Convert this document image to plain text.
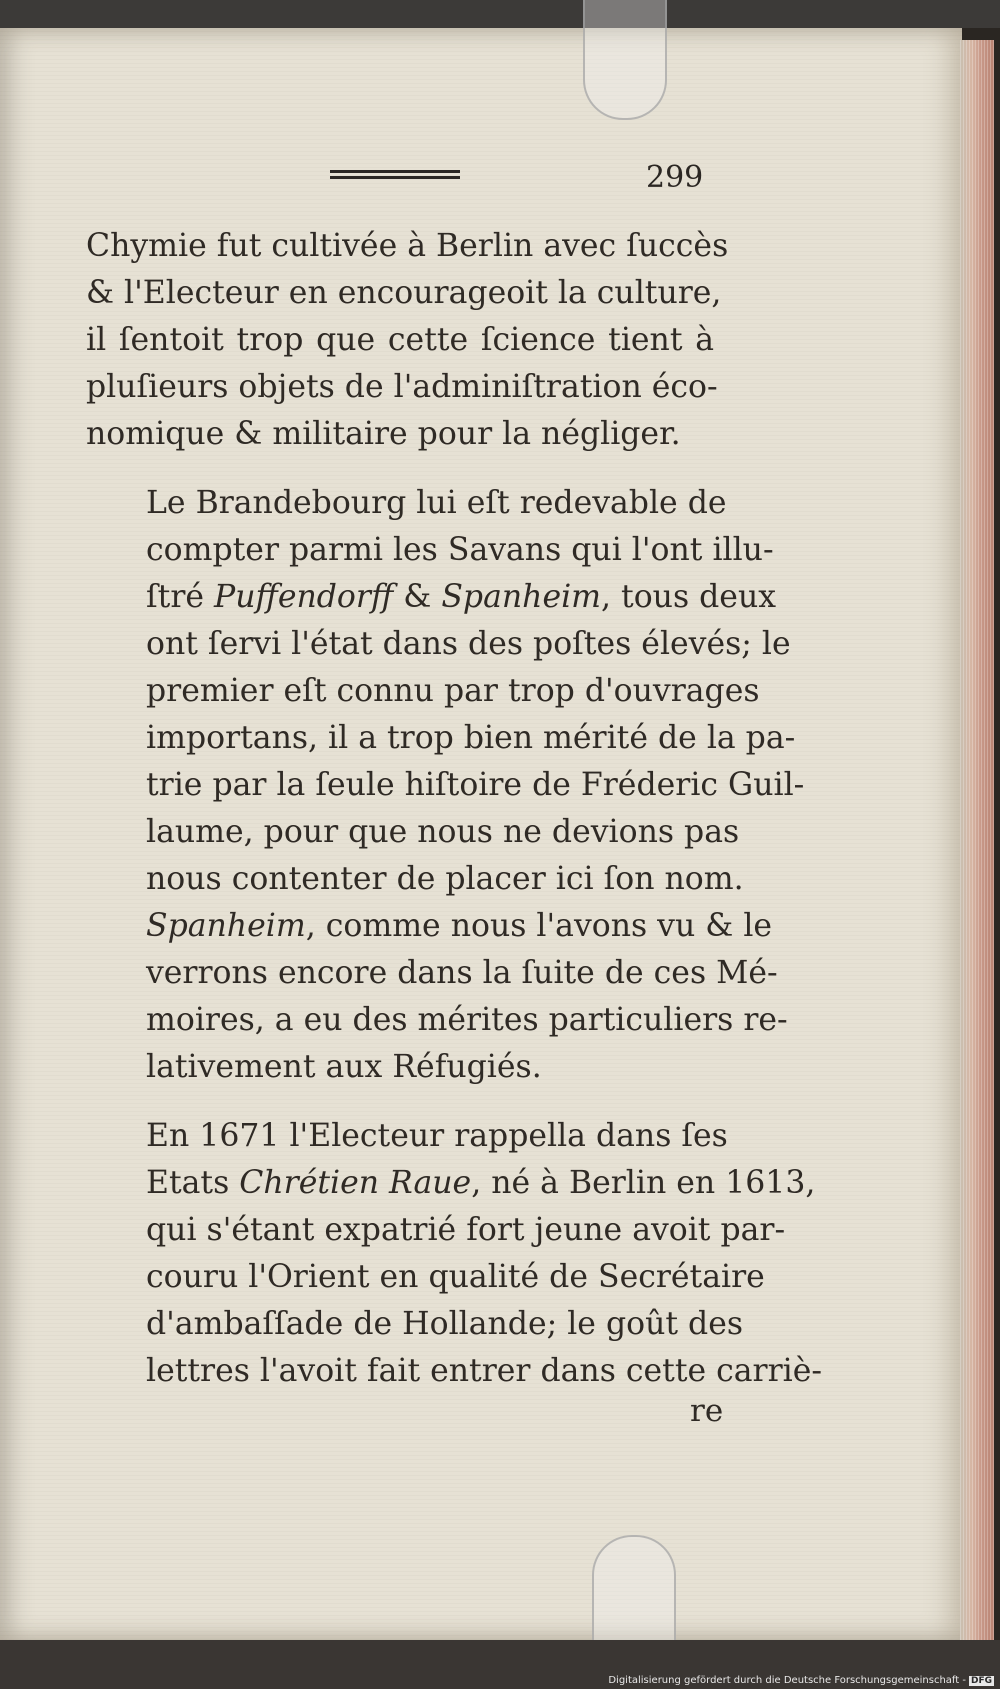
299

Chymie fut cultivée à Berlin avec ſuccès
& l'Electeur en encourageoit la culture,
il ſentoit trop que cette ſcience tient à
pluſieurs objets de l'adminiſtration éco-
nomique & militaire pour la négliger.

Le Brandebourg lui eſt redevable de
compter parmi les Savans qui l'ont illu-
ſtré Puffendorff & Spanheim, tous deux
ont ſervi l'état dans des poſtes élevés; le
premier eſt connu par trop d'ouvrages
importans, il a trop bien mérité de la pa-
trie par la ſeule hiſtoire de Fréderic Guil-
laume, pour que nous ne devions pas
nous contenter de placer ici ſon nom.
Spanheim, comme nous l'avons vu & le
verrons encore dans la ſuite de ces Mé-
moires, a eu des mérites particuliers re-
lativement aux Réfugiés.

En 1671 l'Electeur rappella dans ſes
Etats Chrétien Raue, né à Berlin en 1613,
qui s'étant expatrié fort jeune avoit par-
couru l'Orient en qualité de Secrétaire
d'ambaſſade de Hollande; le goût des
lettres l'avoit fait entrer dans cette carriè-

re
Digitalisierung gefördert durch die Deutsche Forschungsgemeinschaft - DFG
